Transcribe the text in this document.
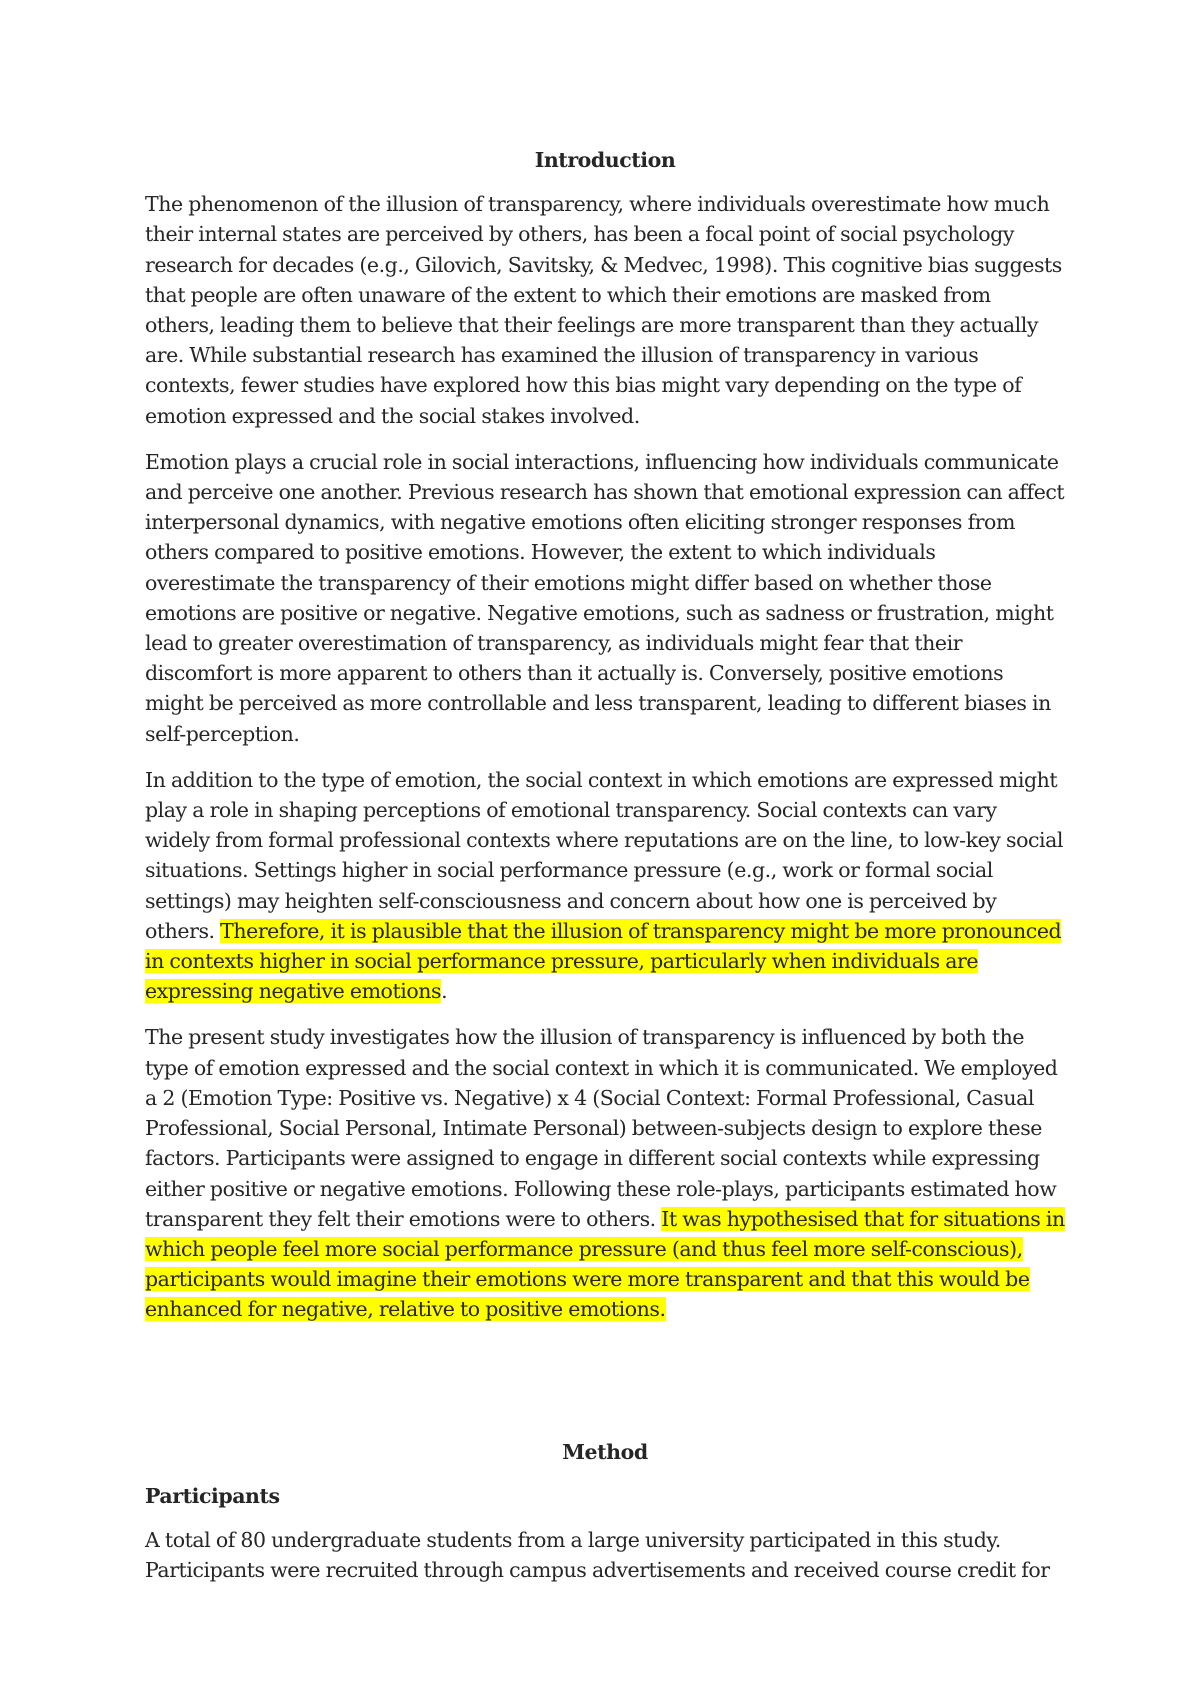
Introduction

The phenomenon of the illusion of transparency, where individuals overestimate how much their internal states are perceived by others, has been a focal point of social psychology research for decades (e.g., Gilovich, Savitsky, & Medvec, 1998). This cognitive bias suggests that people are often unaware of the extent to which their emotions are masked from others, leading them to believe that their feelings are more transparent than they actually are. While substantial research has examined the illusion of transparency in various contexts, fewer studies have explored how this bias might vary depending on the type of emotion expressed and the social stakes involved.

Emotion plays a crucial role in social interactions, influencing how individuals communicate and perceive one another. Previous research has shown that emotional expression can affect interpersonal dynamics, with negative emotions often eliciting stronger responses from others compared to positive emotions. However, the extent to which individuals overestimate the transparency of their emotions might differ based on whether those emotions are positive or negative. Negative emotions, such as sadness or frustration, might lead to greater overestimation of transparency, as individuals might fear that their discomfort is more apparent to others than it actually is. Conversely, positive emotions might be perceived as more controllable and less transparent, leading to different biases in self-perception.

In addition to the type of emotion, the social context in which emotions are expressed might play a role in shaping perceptions of emotional transparency. Social contexts can vary widely from formal professional contexts where reputations are on the line, to low-key social situations. Settings higher in social performance pressure (e.g., work or formal social settings) may heighten self-consciousness and concern about how one is perceived by others. Therefore, it is plausible that the illusion of transparency might be more pronounced in contexts higher in social performance pressure, particularly when individuals are expressing negative emotions.

The present study investigates how the illusion of transparency is influenced by both the type of emotion expressed and the social context in which it is communicated. We employed a 2 (Emotion Type: Positive vs. Negative) x 4 (Social Context: Formal Professional, Casual Professional, Social Personal, Intimate Personal) between-subjects design to explore these factors. Participants were assigned to engage in different social contexts while expressing either positive or negative emotions. Following these role-plays, participants estimated how transparent they felt their emotions were to others. It was hypothesised that for situations in which people feel more social performance pressure (and thus feel more self-conscious), participants would imagine their emotions were more transparent and that this would be enhanced for negative, relative to positive emotions.

Method
Participants

A total of 80 undergraduate students from a large university participated in this study. Participants were recruited through campus advertisements and received course credit for
